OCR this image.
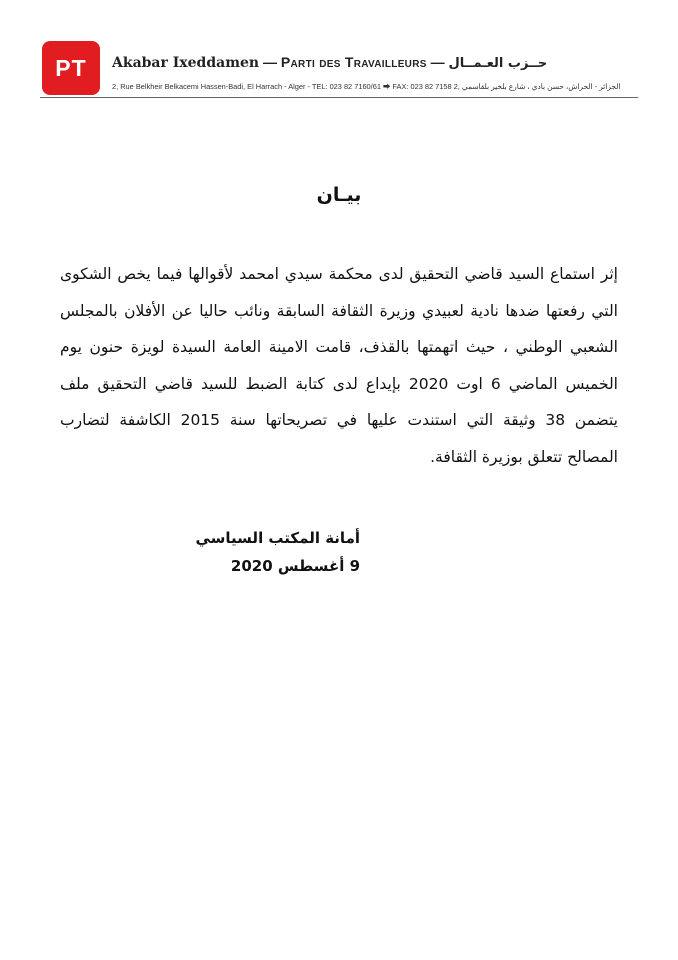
PT Akabar Ixeddamen — Parti des Travailleurs — حــزب العـمــال
2, Rue Belkheir Belkacemi Hassen-Badi, El Harrach - Alger - TEL: 023 82 7160/61 ⮕ FAX: 023 82 7158 الجزائر - الحراش، حسن بادي ، شارع بلخير بلقاسمي ,2
بيـان

إثر استماع السيد قاضي التحقيق لدى محكمة سيدي امحمد لأقوالها فيما يخص الشكوى التي رفعتها ضدها نادية لعبيدي وزيرة الثقافة السابقة ونائب حاليا عن الأفلان بالمجلس الشعبي الوطني ، حيث اتهمتها بالقذف، قامت الامينة العامة السيدة لويزة حنون يوم الخميس الماضي 6 اوت 2020 بإيداع لدى كتابة الضبط للسيد قاضي التحقيق ملف يتضمن 38 وثيقة التي استندت عليها في تصريحاتها سنة 2015 الكاشفة لتضارب المصالح تتعلق بوزيرة الثقافة.

أمانة المكتب السياسي
9 أغسطس 2020
